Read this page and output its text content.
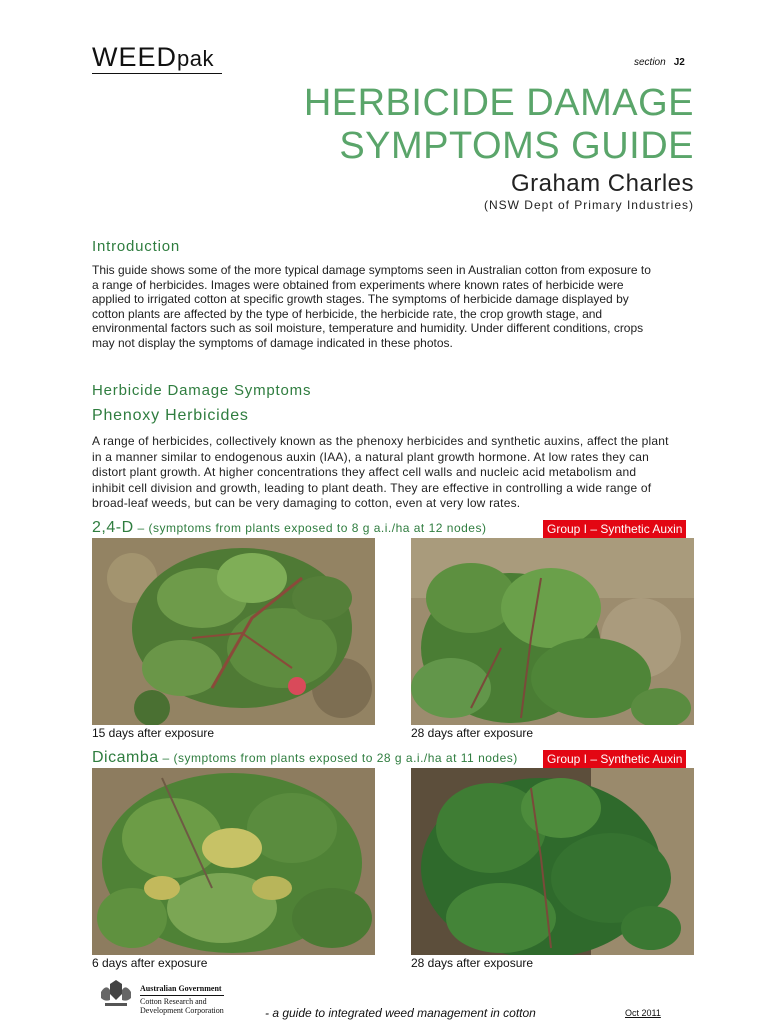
WEEDpak	section J2
HERBICIDE DAMAGE
SYMPTOMS GUIDE
Graham Charles
(NSW Dept of Primary Industries)
Introduction
This guide shows some of the more typical damage symptoms seen in Australian cotton from exposure to
a range of herbicides. Images were obtained from experiments where known rates of herbicide were
applied to irrigated cotton at specific growth stages. The symptoms of herbicide damage displayed by
cotton plants are affected by the type of herbicide, the herbicide rate, the crop growth stage, and
environmental factors such as soil moisture, temperature and humidity. Under different conditions, crops
may not display the symptoms of damage indicated in these photos.
Herbicide Damage Symptoms
Phenoxy Herbicides
A range of herbicides, collectively known as the phenoxy herbicides and synthetic auxins, affect the plant
in a manner similar to endogenous auxin (IAA), a natural plant growth hormone. At low rates they can
distort plant growth. At higher concentrations they affect cell walls and nucleic acid metabolism and
inhibit cell division and growth, leading to plant death. They are effective in controlling a wide range of
broad-leaf weeds, but can be very damaging to cotton, even at very low rates.
2,4-D – (symptoms from plants exposed to 8 g a.i./ha at 12 nodes)	Group I – Synthetic Auxin
15 days after exposure	28 days after exposure
Dicamba – (symptoms from plants exposed to 28 g a.i./ha at 11 nodes)	Group I – Synthetic Auxin
6 days after exposure	28 days after exposure
Australian Government
Cotton Research and
Development Corporation	- a guide to integrated weed management in cotton	Oct 2011
